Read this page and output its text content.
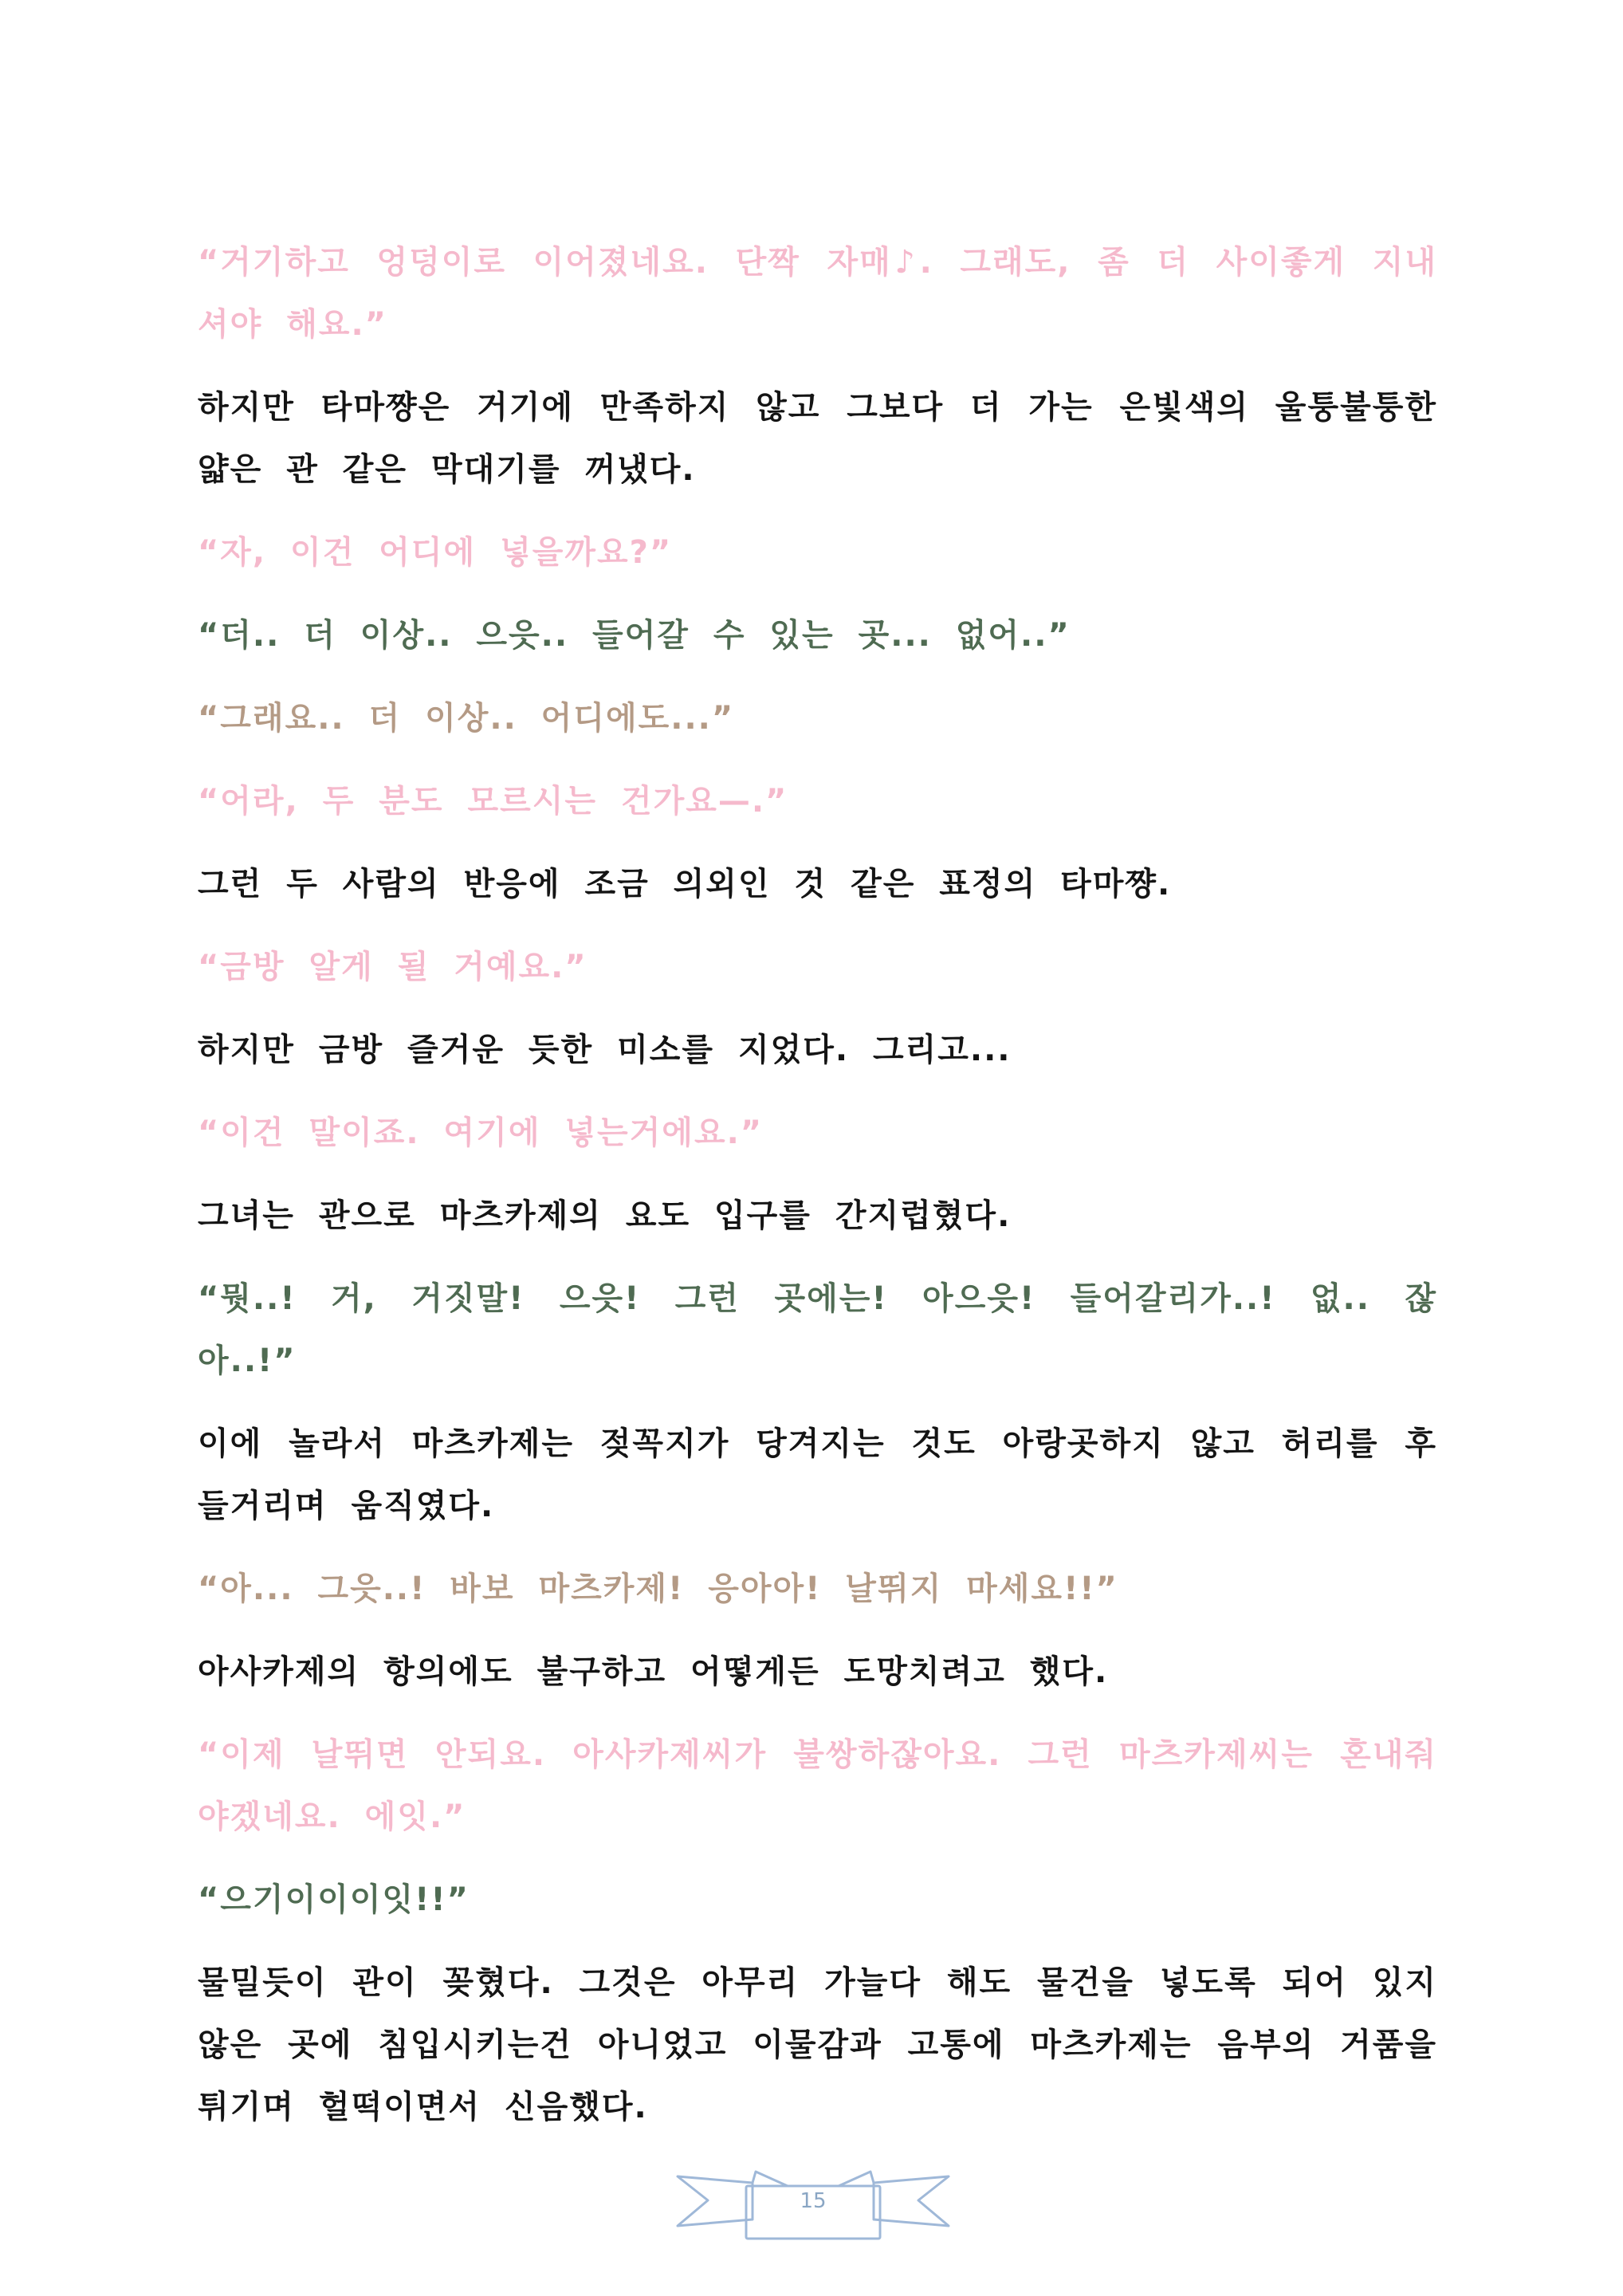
“거기하고 엉덩이로 이어졌네요. 단짝 자매♪. 그래도, 좀 더 사이좋게 지내셔야 해요.”

하지만 타마쨩은 거기에 만족하지 않고 그보다 더 가는 은빛색의 울퉁불퉁한 얇은 관 같은 막대기를 꺼냈다.

“자, 이건 어디에 넣을까요?”

“더.. 더 이상.. 으읏.. 들어갈 수 있는 곳... 없어..”

“그래요.. 더 이상.. 어디에도...”

“어라, 두 분도 모르시는 건가요—.”

그런 두 사람의 반응에 조금 의외인 것 같은 표정의 타마쨩.

“금방 알게 될 거예요.”

하지만 금방 즐거운 듯한 미소를 지었다. 그리고...

“이건 말이죠. 여기에 넣는거에요.”

그녀는 관으로 마츠카제의 요도 입구를 간지럽혔다.

“뭣..! 거, 거짓말! 으읏! 그런 곳에는! 아으읏! 들어갈리가..! 없.. 잖아..!”

이에 놀라서 마츠카제는 젖꼭지가 당겨지는 것도 아랑곳하지 않고 허리를 후들거리며 움직였다.

“아... 그읏..! 바보 마츠카제! 응아아! 날뛰지 마세요!!”

아사카제의 항의에도 불구하고 어떻게든 도망치려고 했다.

“이제 날뛰면 안되요. 아사카제씨가 불쌍하잖아요. 그런 마츠카제씨는 혼내줘야겠네요. 에잇.”

“으기이이이잇!!”

물밀듯이 관이 꽂혔다. 그것은 아무리 가늘다 해도 물건을 넣도록 되어 있지 않은 곳에 침입시키는건 아니었고 이물감과 고통에 마츠카제는 음부의 거품을 튀기며 헐떡이면서 신음했다.

15
